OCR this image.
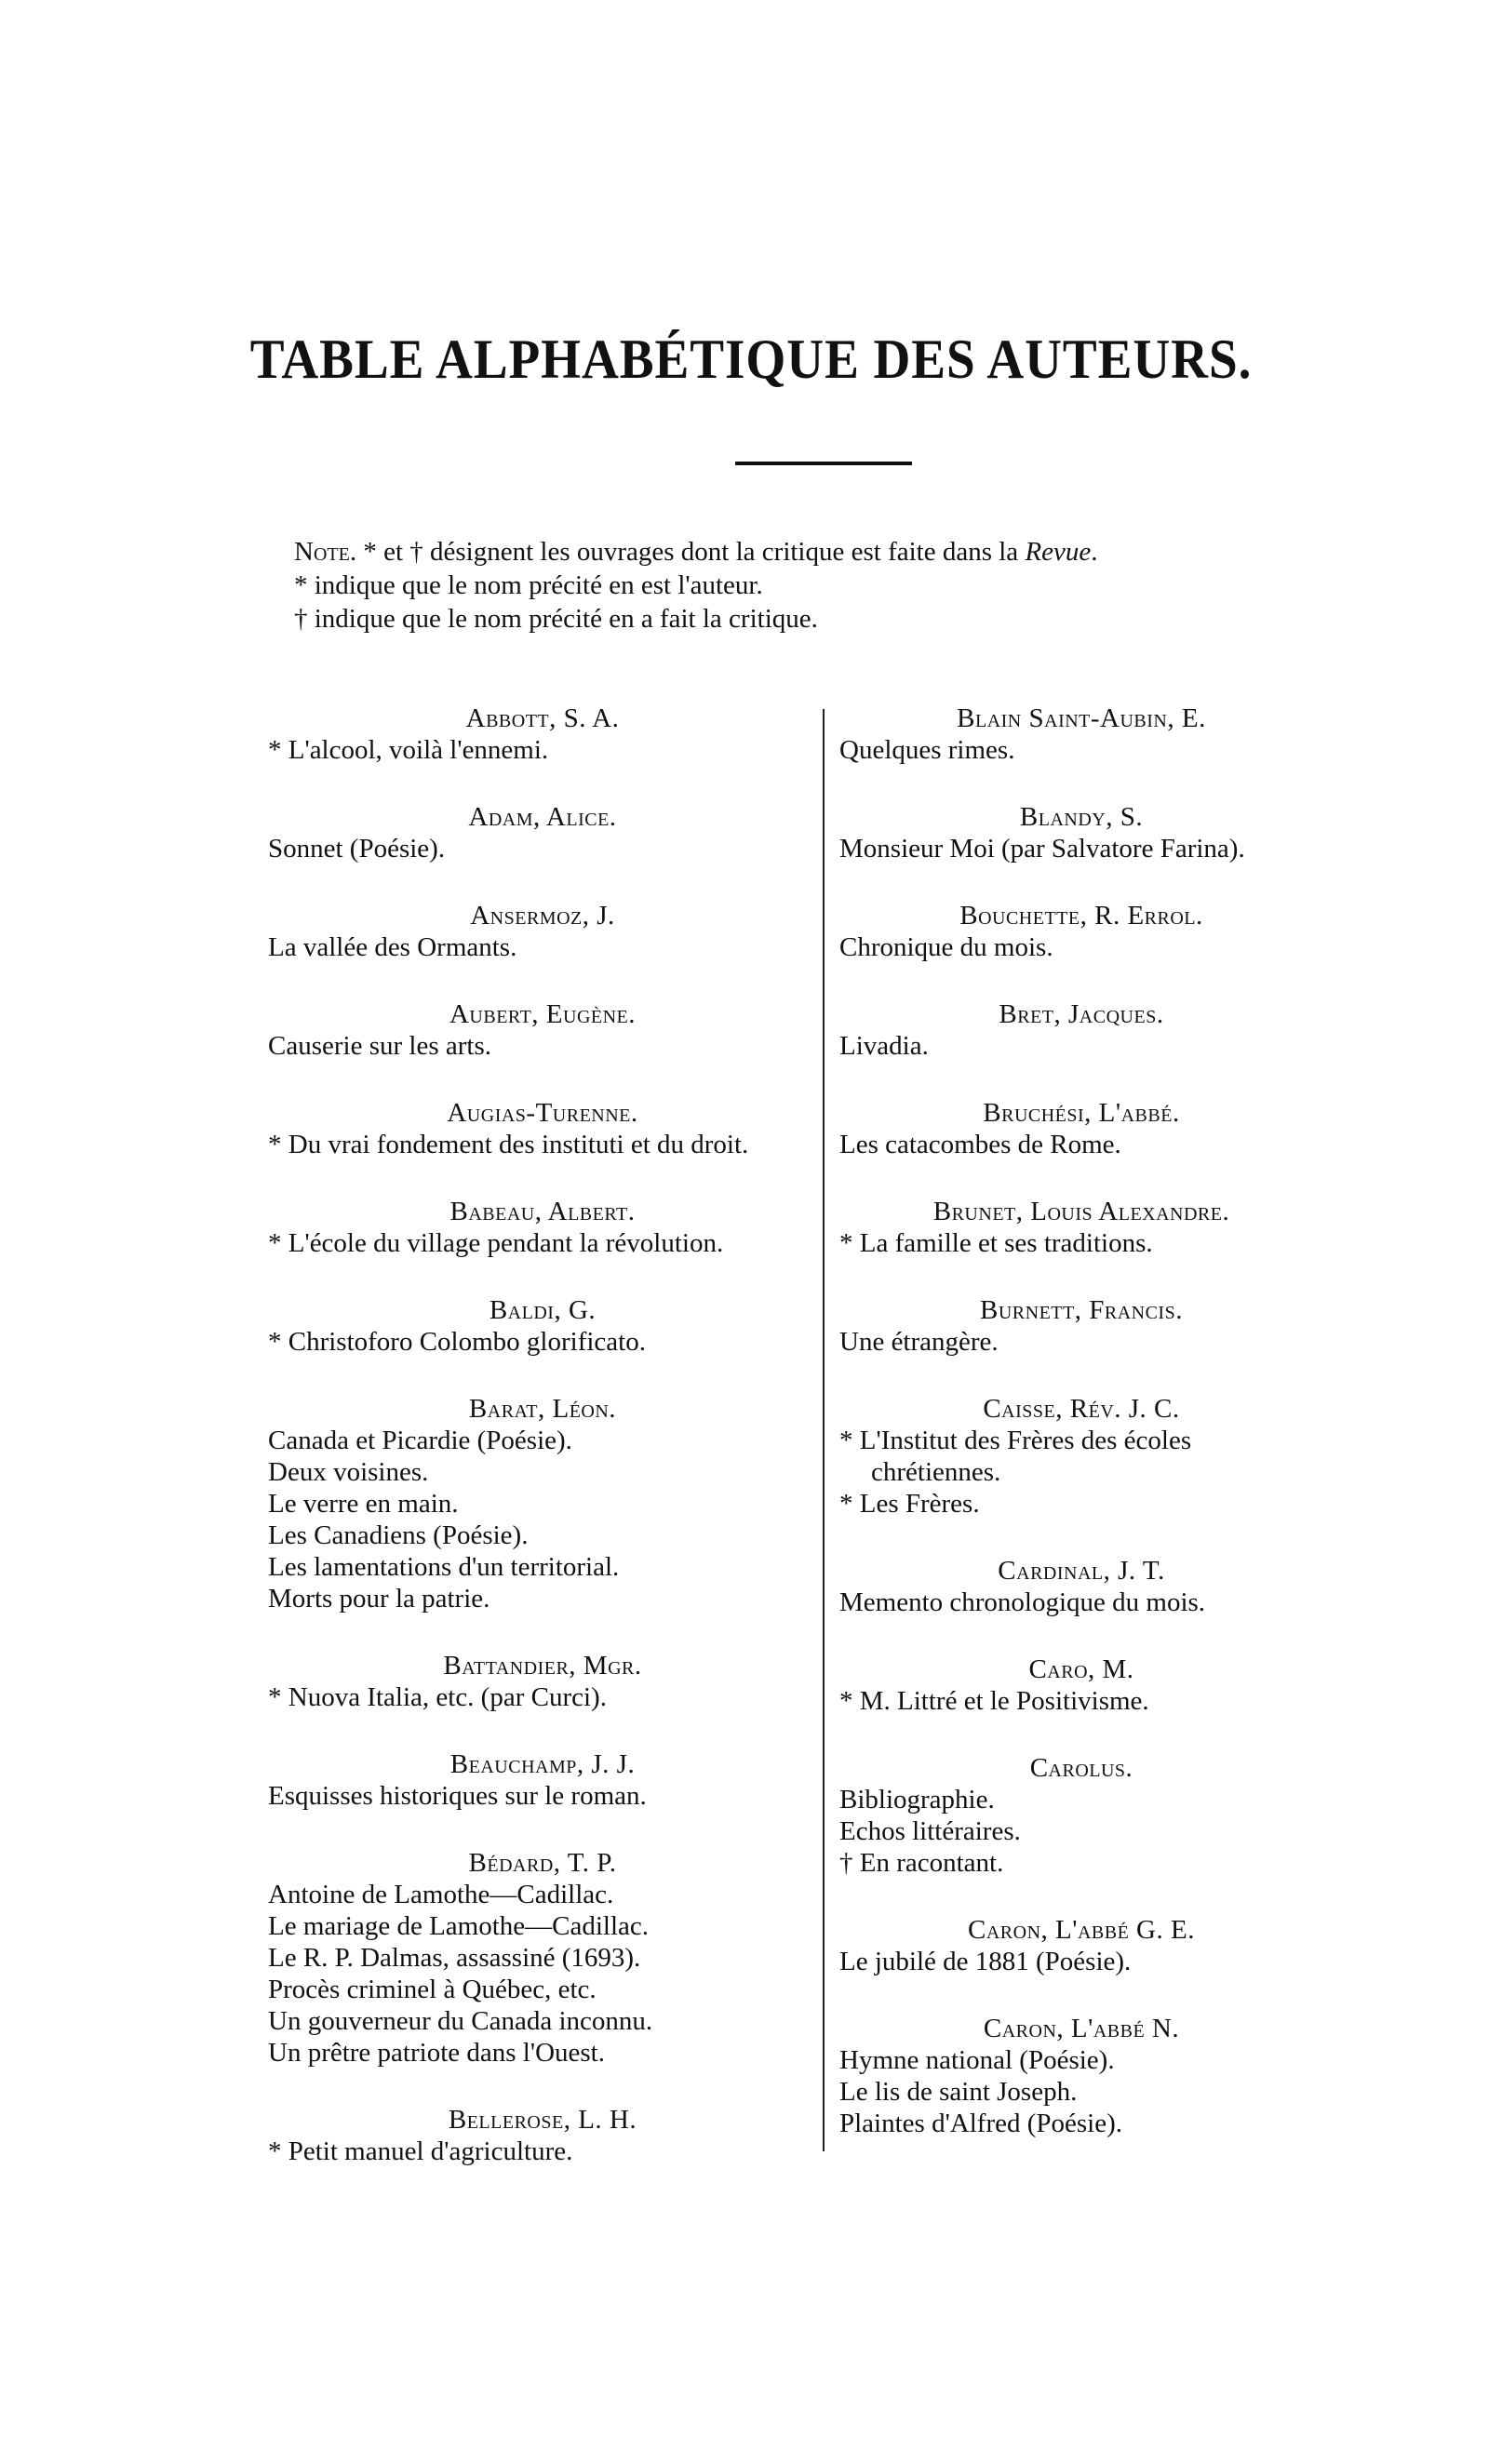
TABLE ALPHABÉTIQUE DES AUTEURS.
Note. * et † désignent les ouvrages dont la critique est faite dans la Revue.
* indique que le nom précité en est l'auteur.
† indique que le nom précité en a fait la critique.
Abbott, S. A.
* L'alcool, voilà l'ennemi.
Adam, Alice.
Sonnet (Poésie).
Ansermoz, J.
La vallée des Ormants.
Aubert, Eugène.
Causerie sur les arts.
Augias-Turenne.
* Du vrai fondement des instituti et du droit.
Babeau, Albert.
* L'école du village pendant la révolution.
Baldi, G.
* Christoforo Colombo glorificato.
Barat, Léon.
Canada et Picardie (Poésie).
Deux voisines.
Le verre en main.
Les Canadiens (Poésie).
Les lamentations d'un territorial.
Morts pour la patrie.
Battandier, Mgr.
* Nuova Italia, etc. (par Curci).
Beauchamp, J. J.
Esquisses historiques sur le roman.
Bédard, T. P.
Antoine de Lamothe—Cadillac.
Le mariage de Lamothe—Cadillac.
Le R. P. Dalmas, assassiné (1693).
Procès criminel à Québec, etc.
Un gouverneur du Canada inconnu.
Un prêtre patriote dans l'Ouest.
Bellerose, L. H.
* Petit manuel d'agriculture.
Blain Saint-Aubin, E.
Quelques rimes.
Blandy, S.
Monsieur Moi (par Salvatore Farina).
Bouchette, R. Errol.
Chronique du mois.
Bret, Jacques.
Livadia.
Bruchési, L'abbé.
Les catacombes de Rome.
Brunet, Louis Alexandre.
* La famille et ses traditions.
Burnett, Francis.
Une étrangère.
Caisse, Rév. J. C.
* L'Institut des Frères des écoles chrétiennes.
* Les Frères.
Cardinal, J. T.
Memento chronologique du mois.
Caro, M.
* M. Littré et le Positivisme.
Carolus.
Bibliographie.
Echos littéraires.
† En racontant.
Caron, L'abbé G. E.
Le jubilé de 1881 (Poésie).
Caron, L'abbé N.
Hymne national (Poésie).
Le lis de saint Joseph.
Plaintes d'Alfred (Poésie).
